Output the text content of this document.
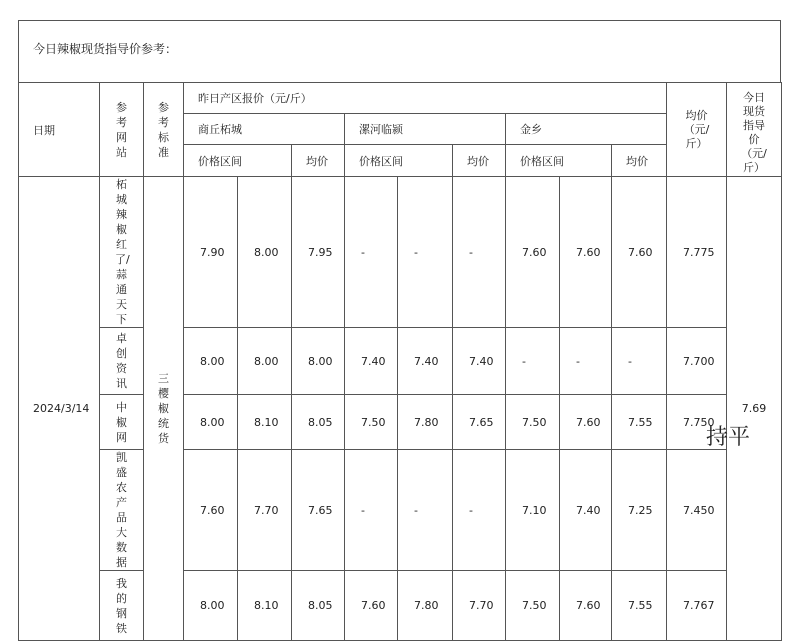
今日辣椒现货指导价参考：
日期	参考网站	参考标准	昨日产区报价（元/斤）									均价（元/斤）	今日现货指导价（元/斤）
			商丘柘城			漯河临颍			金乡				
			价格区间		均价	价格区间		均价	价格区间		均价		
2024/3/14	柘城辣椒红了/蒜通天下	三樱椒统货	7.90	8.00	7.95	-	-	-	7.60	7.60	7.60	7.775	7.69

	卓创资讯		8.00	8.00	8.00	7.40	7.40	7.40	-	-	-	7.700	
	中椒网		8.00	8.10	8.05	7.50	7.80	7.65	7.50	7.60	7.55	7.750	
	凯盛农产品大数据		7.60	7.70	7.65	-	-	-	7.10	7.40	7.25	7.450	
	我的钢铁		8.00	8.10	8.05	7.60	7.80	7.70	7.50	7.60	7.55	7.767	
持平
